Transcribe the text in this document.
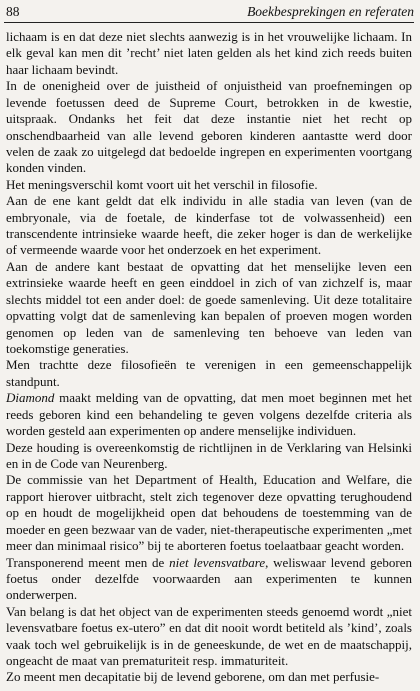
88	Boekbesprekingen en referaten

lichaam is en dat deze niet slechts aanwezig is in het vrouwelijke lichaam. In elk geval kan men dit ’recht’ niet laten gelden als het kind zich reeds buiten haar lichaam bevindt.

In de onenigheid over de juistheid of onjuistheid van proefnemingen op levende foetussen deed de Supreme Court, betrokken in de kwestie, uitspraak. Ondanks het feit dat deze instantie niet het recht op onschendbaarheid van alle levend geboren kinderen aantastte werd door velen de zaak zo uitgelegd dat bedoelde ingrepen en experimenten voortgang konden vinden.

Het meningsverschil komt voort uit het verschil in filosofie.

Aan de ene kant geldt dat elk individu in alle stadia van leven (van de embryonale, via de foetale, de kinderfase tot de volwassenheid) een transcendente intrinsieke waarde heeft, die zeker hoger is dan de werkelijke of vermeende waarde voor het onderzoek en het experiment.

Aan de andere kant bestaat de opvatting dat het menselijke leven een extrinsieke waarde heeft en geen einddoel in zich of van zichzelf is, maar slechts middel tot een ander doel: de goede samenleving. Uit deze totalitaire opvatting volgt dat de samenleving kan bepalen of proeven mogen worden genomen op leden van de samenleving ten behoeve van leden van toekomstige generaties.

Men trachtte deze filosofieën te verenigen in een gemeenschappelijk standpunt.

Diamond maakt melding van de opvatting, dat men moet beginnen met het reeds geboren kind een behandeling te geven volgens dezelfde criteria als worden gesteld aan experimenten op andere menselijke individuen.

Deze houding is overeenkomstig de richtlijnen in de Verklaring van Helsinki en in de Code van Neurenberg.

De commissie van het Department of Health, Education and Welfare, die rapport hierover uitbracht, stelt zich tegenover deze opvatting terughoudend op en houdt de mogelijkheid open dat behoudens de toestemming van de moeder en geen bezwaar van de vader, niet-therapeutische experimenten „met meer dan minimaal risico” bij te aborteren foetus toelaatbaar geacht worden.

Transponerend meent men de niet levensvatbare, weliswaar levend geboren foetus onder dezelfde voorwaarden aan experimenten te kunnen onderwerpen.

Van belang is dat het object van de experimenten steeds genoemd wordt „niet levensvatbare foetus ex-utero” en dat dit nooit wordt betiteld als ’kind’, zoals vaak toch wel gebruikelijk is in de geneeskunde, de wet en de maatschappij, ongeacht de maat van prematuriteit resp. immaturiteit.

Zo meent men decapitatie bij de levend geborene, om dan met perfusie-
